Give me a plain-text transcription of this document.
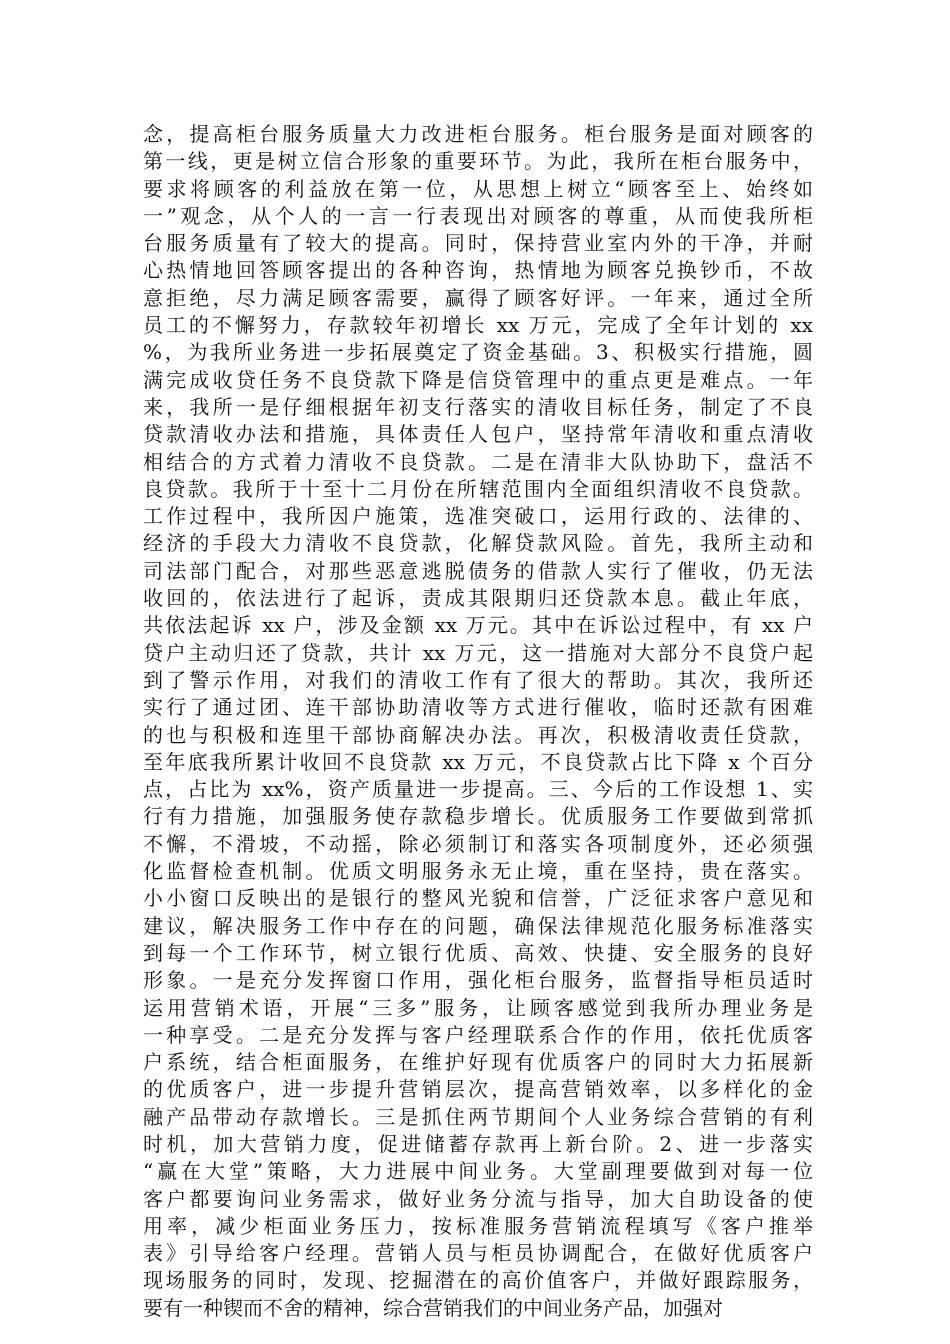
念，提高柜台服务质量大力改进柜台服务。柜台服务是面对顾客的
第一线，更是树立信合形象的重要环节。为此，我所在柜台服务中，
要求将顾客的利益放在第一位，从思想上树立“顾客至上、始终如
一”观念，从个人的一言一行表现出对顾客的尊重，从而使我所柜
台服务质量有了较大的提高。同时，保持营业室内外的干净，并耐
心热情地回答顾客提出的各种咨询，热情地为顾客兑换钞币，不故
意拒绝，尽力满足顾客需要，赢得了顾客好评。一年来，通过全所
员工的不懈努力，存款较年初增长 xx 万元，完成了全年计划的 xx
%，为我所业务进一步拓展奠定了资金基础。3、积极实行措施，圆
满完成收贷任务不良贷款下降是信贷管理中的重点更是难点。一年
来，我所一是仔细根据年初支行落实的清收目标任务，制定了不良
贷款清收办法和措施，具体责任人包户，坚持常年清收和重点清收
相结合的方式着力清收不良贷款。二是在清非大队协助下，盘活不
良贷款。我所于十至十二月份在所辖范围内全面组织清收不良贷款。
工作过程中，我所因户施策，选准突破口，运用行政的、法律的、
经济的手段大力清收不良贷款，化解贷款风险。首先，我所主动和
司法部门配合，对那些恶意逃脱债务的借款人实行了催收，仍无法
收回的，依法进行了起诉，责成其限期归还贷款本息。截止年底，
共依法起诉 xx 户，涉及金额 xx 万元。其中在诉讼过程中，有 xx 户
贷户主动归还了贷款，共计 xx 万元，这一措施对大部分不良贷户起
到了警示作用，对我们的清收工作有了很大的帮助。其次，我所还
实行了通过团、连干部协助清收等方式进行催收，临时还款有困难
的也与积极和连里干部协商解决办法。再次，积极清收责任贷款，
至年底我所累计收回不良贷款 xx 万元，不良贷款占比下降 x 个百分
点，占比为 xx%，资产质量进一步提高。三、今后的工作设想 1、实
行有力措施，加强服务使存款稳步增长。优质服务工作要做到常抓
不懈，不滑坡，不动摇，除必须制订和落实各项制度外，还必须强
化监督检查机制。优质文明服务永无止境，重在坚持，贵在落实。
小小窗口反映出的是银行的整风光貌和信誉，广泛征求客户意见和
建议，解决服务工作中存在的问题，确保法律规范化服务标准落实
到每一个工作环节，树立银行优质、高效、快捷、安全服务的良好
形象。一是充分发挥窗口作用，强化柜台服务，监督指导柜员适时
运用营销术语，开展“三多”服务，让顾客感觉到我所办理业务是
一种享受。二是充分发挥与客户经理联系合作的作用，依托优质客
户系统，结合柜面服务，在维护好现有优质客户的同时大力拓展新
的优质客户，进一步提升营销层次，提高营销效率，以多样化的金
融产品带动存款增长。三是抓住两节期间个人业务综合营销的有利
时机，加大营销力度，促进储蓄存款再上新台阶。2、进一步落实
“赢在大堂”策略，大力进展中间业务。大堂副理要做到对每一位
客户都要询问业务需求，做好业务分流与指导，加大自助设备的使
用率，减少柜面业务压力，按标准服务营销流程填写《客户推举
表》引导给客户经理。营销人员与柜员协调配合，在做好优质客户
现场服务的同时，发现、挖掘潜在的高价值客户，并做好跟踪服务，
要有一种锲而不舍的精神，综合营销我们的中间业务产品，加强对
